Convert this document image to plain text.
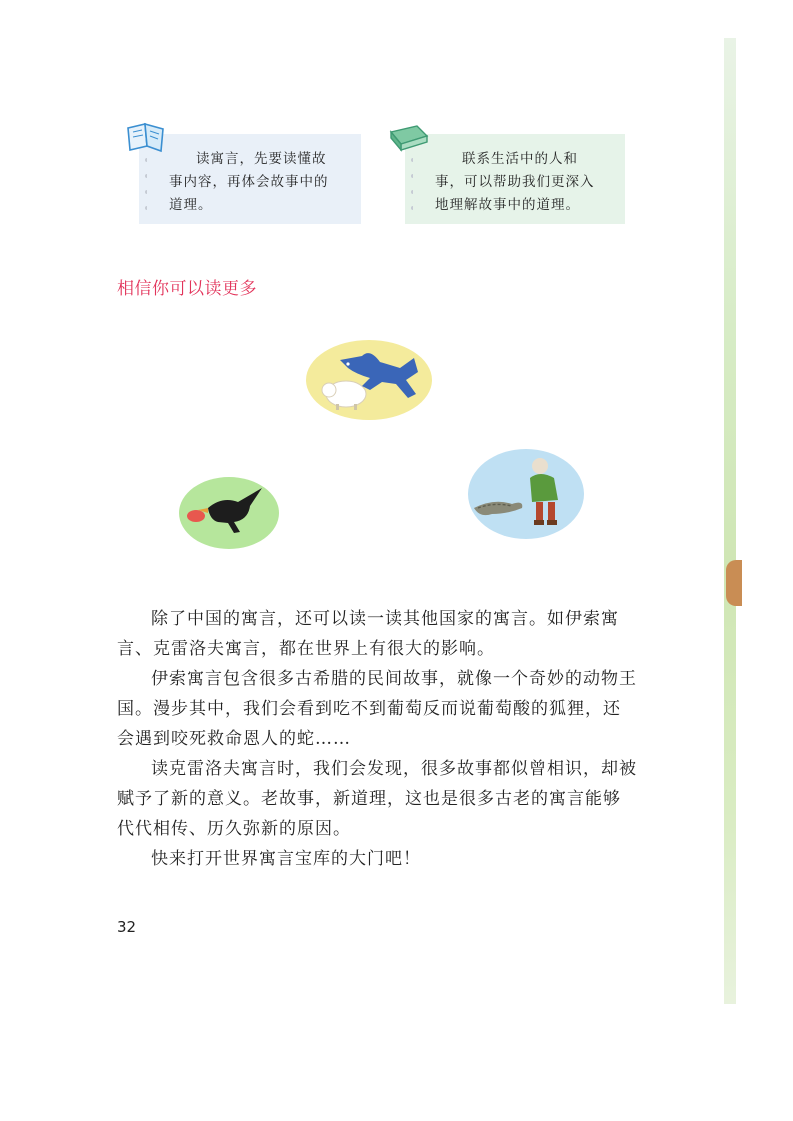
读寓言，先要读懂故事内容，再体会故事中的道理。
联系生活中的人和事，可以帮助我们更深入地理解故事中的道理。
相信你可以读更多

除了中国的寓言，还可以读一读其他国家的寓言。如伊索寓言、克雷洛夫寓言，都在世界上有很大的影响。

伊索寓言包含很多古希腊的民间故事，就像一个奇妙的动物王国。漫步其中，我们会看到吃不到葡萄反而说葡萄酸的狐狸，还会遇到咬死救命恩人的蛇……

读克雷洛夫寓言时，我们会发现，很多故事都似曾相识，却被赋予了新的意义。老故事，新道理，这也是很多古老的寓言能够代代相传、历久弥新的原因。

快来打开世界寓言宝库的大门吧！

32
